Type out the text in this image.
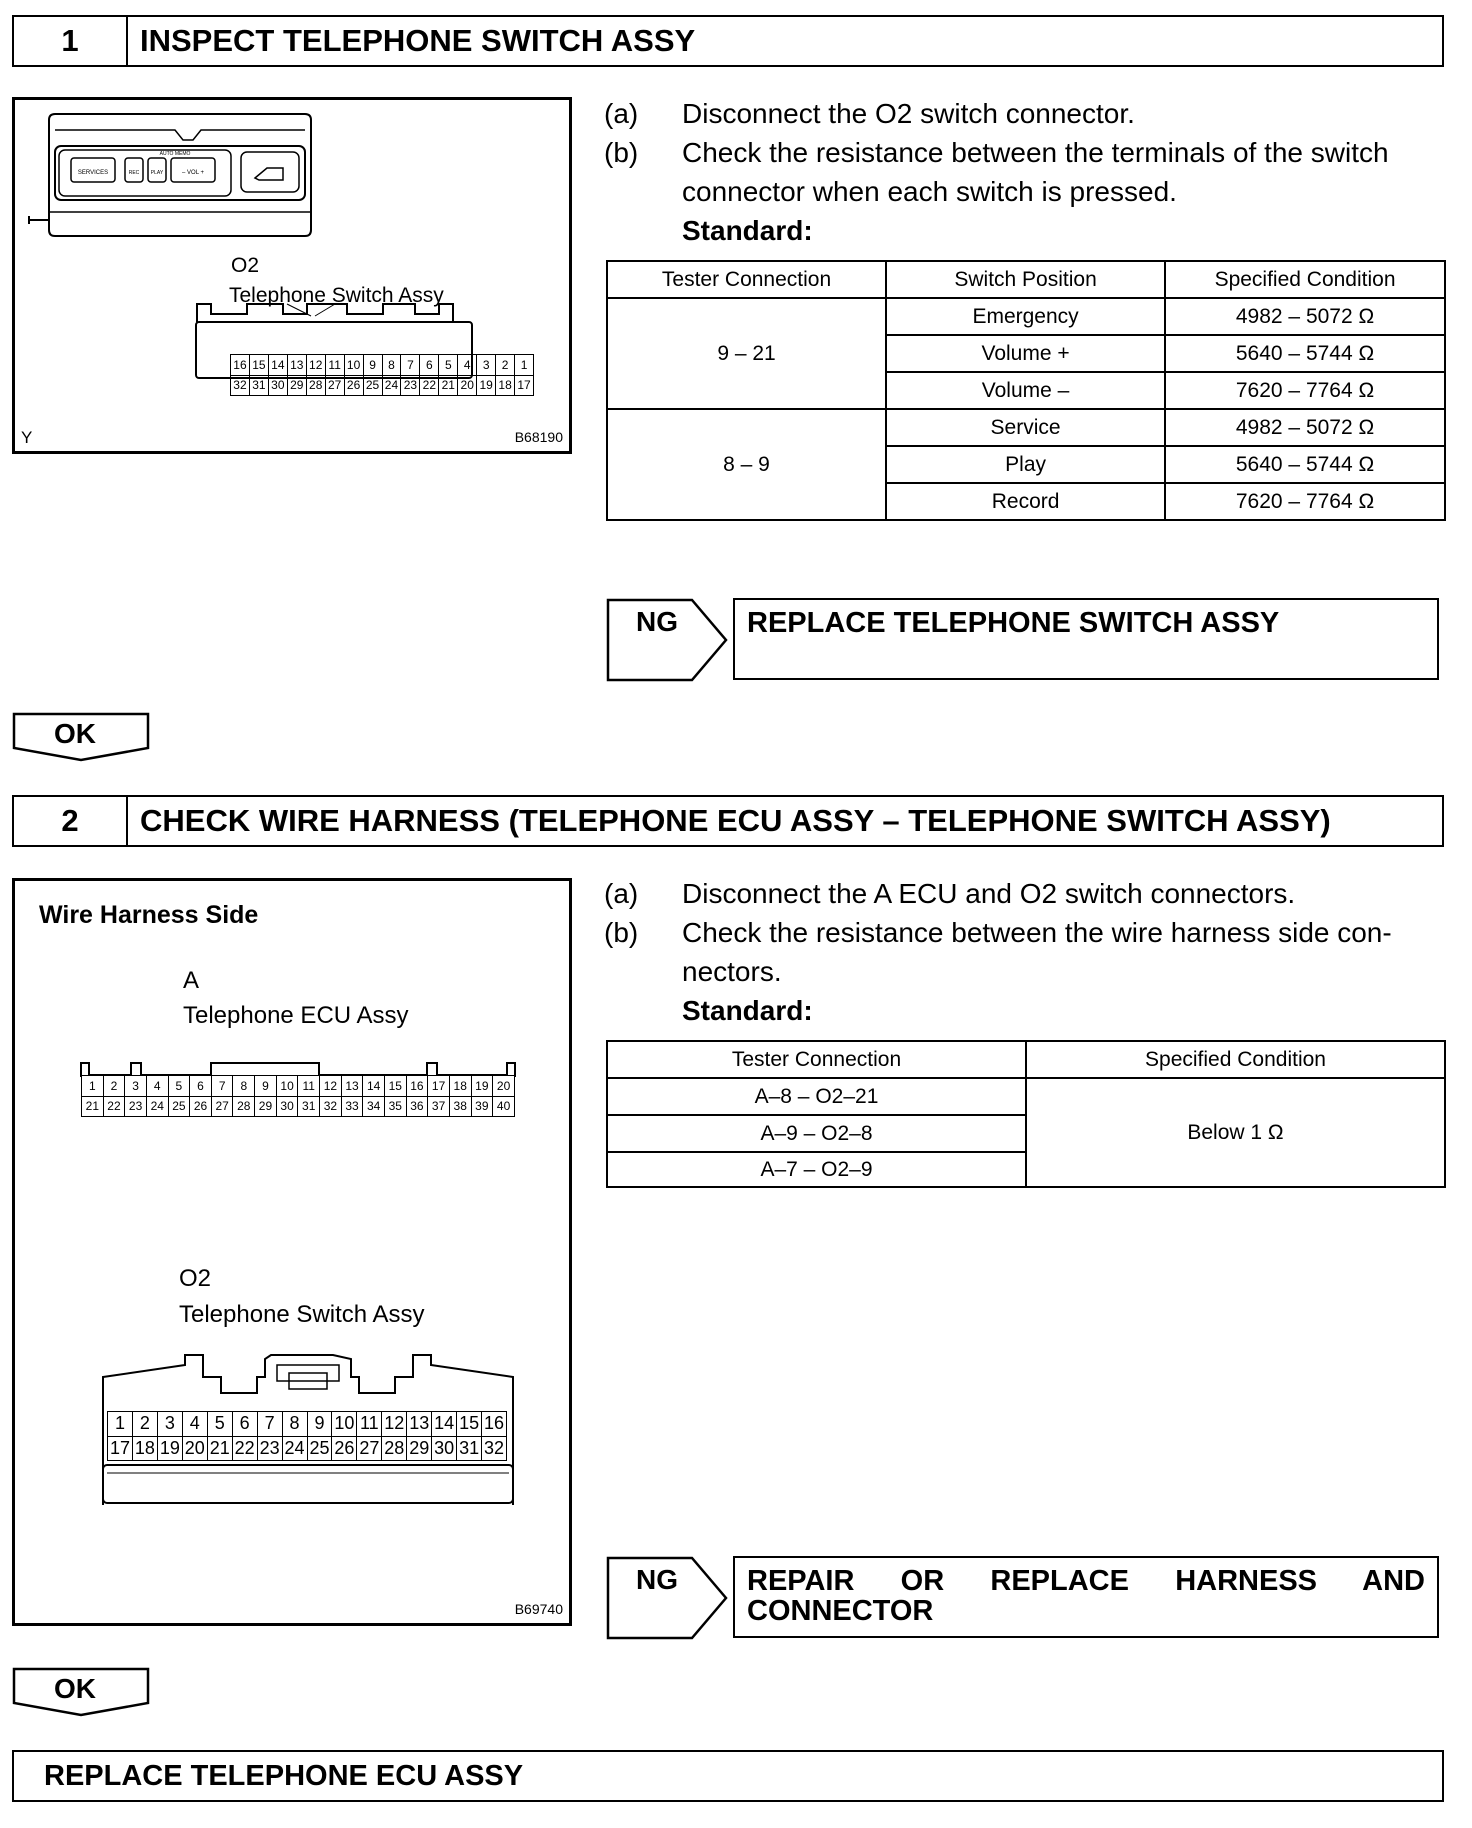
1	INSPECT TELEPHONE SWITCH ASSY
SERVICES	REC PLAY	– VOL +
AUTO MEMO
O2
Telephone Switch Assy
Y	B68190
16	15	14	13	12	11	10	9	8	7	6	5	4	3	2	1
32	31	30	29	28	27	26	25	24	23	22	21	20	19	18	17
(a)	Disconnect the O2 switch connector.
(b)	Check the resistance between the terminals of the switch connector when each switch is pressed.
Standard:
Tester Connection	Switch Position	Specified Condition
9 – 21	Emergency	4982 – 5072 Ω
	Volume +	5640 – 5744 Ω
	Volume –	7620 – 7764 Ω
8 – 9	Service	4982 – 5072 Ω
	Play	5640 – 5744 Ω
	Record	7620 – 7764 Ω
NG	REPLACE TELEPHONE SWITCH ASSY
OK
2	CHECK WIRE HARNESS (TELEPHONE ECU ASSY – TELEPHONE SWITCH ASSY)
Wire Harness Side
A
Telephone ECU Assy
1	2	3	4	5	6	7	8	9	10	11	12	13	14	15	16	17	18	19	20
21	22	23	24	25	26	27	28	29	30	31	32	33	34	35	36	37	38	39	40
O2
Telephone Switch Assy
1	2	3	4	5	6	7	8	9	10	11	12	13	14	15	16
17	18	19	20	21	22	23	24	25	26	27	28	29	30	31	32
B69740
(a)	Disconnect the A ECU and O2 switch connectors.
(b)	Check the resistance between the wire harness side con-nectors.
Standard:
Tester Connection	Specified Condition
A–8 – O2–21	Below 1 Ω
A–9 – O2–8	
A–7 – O2–9	
NG	REPAIR OR REPLACE HARNESS AND CONNECTOR
OK
REPLACE TELEPHONE ECU ASSY
